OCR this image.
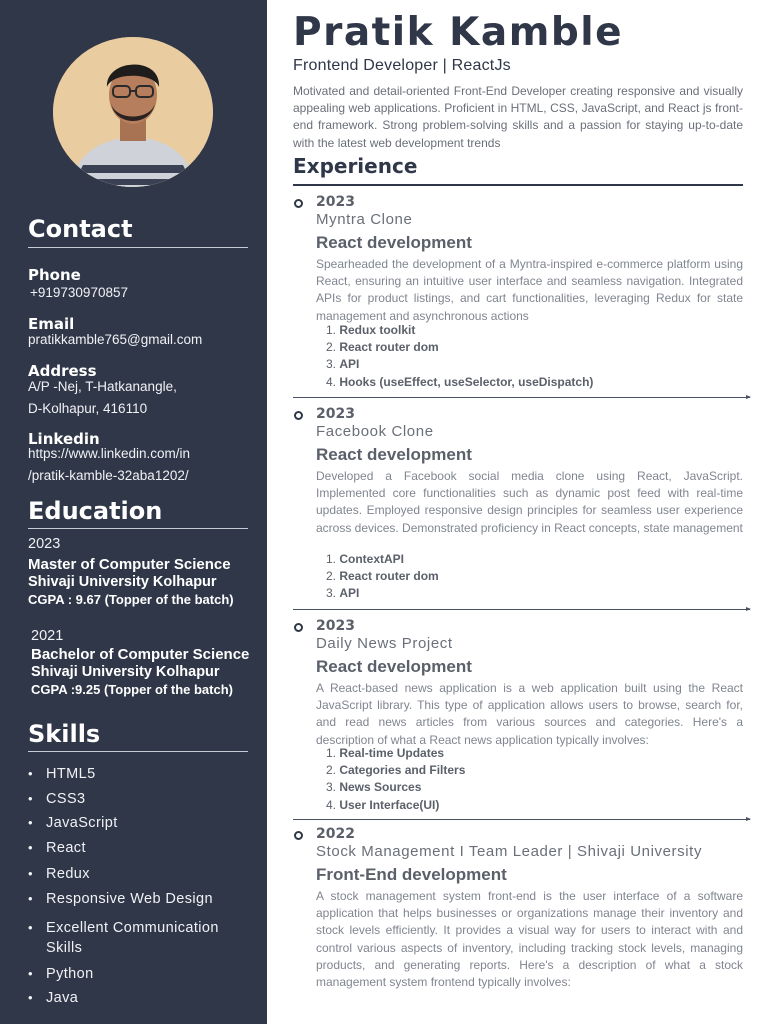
Contact
Phone
+919730970857
Email
pratikkamble765@gmail.com
Address
A/P -Nej, T-Hatkanangle,
D-Kolhapur, 416110
Linkedin
https://www.linkedin.com/in
/pratik-kamble-32aba1202/
Education
2023
Master of Computer Science
Shivaji University Kolhapur
CGPA : 9.67 (Topper of the batch)
2021
Bachelor of Computer Science
Shivaji University Kolhapur
CGPA :9.25 (Topper of the batch)
Skills
• HTML5
• CSS3
• JavaScript
• React
• Redux
• Responsive Web Design
• Excellent Communication Skills
• Python
• Java
Pratik Kamble
Frontend Developer | ReactJs
Motivated and detail-oriented Front-End Developer creating responsive and visually appealing web applications. Proficient in HTML, CSS, JavaScript, and React js front-end framework. Strong problem-solving skills and a passion for staying up-to-date with the latest web development trends
Experience
2023
Myntra Clone
React development
Spearheaded the development of a Myntra-inspired e-commerce platform using React, ensuring an intuitive user interface and seamless navigation. Integrated APIs for product listings, and cart functionalities, leveraging Redux for state management and asynchronous actions
1. Redux toolkit
2. React router dom
3. API
4. Hooks (useEffect, useSelector, useDispatch)
2023
Facebook Clone
React development
Developed a Facebook social media clone using React, JavaScript. Implemented core functionalities such as dynamic post feed with real-time updates. Employed responsive design principles for seamless user experience across devices. Demonstrated proficiency in React concepts, state management
1. ContextAPI
2. React router dom
3. API
2023
Daily News Project
React development
A React-based news application is a web application built using the React JavaScript library. This type of application allows users to browse, search for, and read news articles from various sources and categories. Here's a description of what a React news application typically involves:
1. Real-time Updates
2. Categories and Filters
3. News Sources
4. User Interface(UI)
2022
Stock Management I Team Leader | Shivaji University
Front-End development
A stock management system front-end is the user interface of a software application that helps businesses or organizations manage their inventory and stock levels efficiently. It provides a visual way for users to interact with and control various aspects of inventory, including tracking stock levels, managing products, and generating reports. Here's a description of what a stock management system frontend typically involves:
